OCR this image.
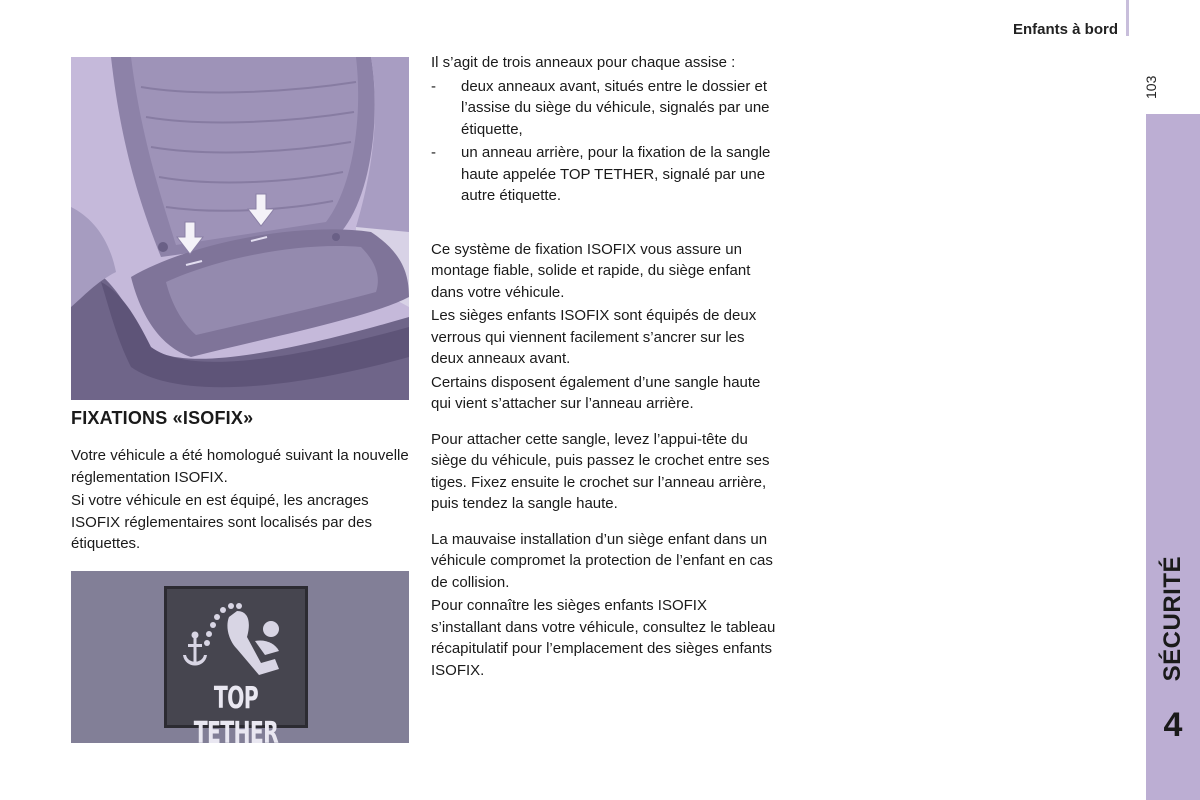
Enfants à bord
103
SÉCURITÉ
4
FIXATIONS «ISOFIX»

Votre véhicule a été homologué suivant la nouvelle réglementation ISOFIX.

Si votre véhicule en est équipé, les ancrages ISOFIX réglementaires sont localisés par des étiquettes.

TOP TETHER

Il s’agit de trois anneaux pour chaque assise :

- deux anneaux avant, situés entre le dossier et l’assise du siège du véhicule, signalés par une étiquette,
- un anneau arrière, pour la fixation de la sangle haute appelée TOP TETHER, signalé par une autre étiquette.

Ce système de fixation ISOFIX vous assure un montage fiable, solide et rapide, du siège enfant dans votre véhicule.

Les sièges enfants ISOFIX sont équipés de deux verrous qui viennent facilement s’ancrer sur les deux anneaux avant.

Certains disposent également d’une sangle haute qui vient s’attacher sur l’anneau arrière.

Pour attacher cette sangle, levez l’appui-tête du siège du véhicule, puis passez le crochet entre ses tiges. Fixez ensuite le crochet sur l’anneau arrière, puis tendez la sangle haute.

La mauvaise installation d’un siège enfant dans un véhicule compromet la protection de l’enfant en cas de collision.

Pour connaître les sièges enfants ISOFIX s’installant dans votre véhicule, consultez le tableau récapitulatif pour l’emplacement des sièges enfants ISOFIX.
